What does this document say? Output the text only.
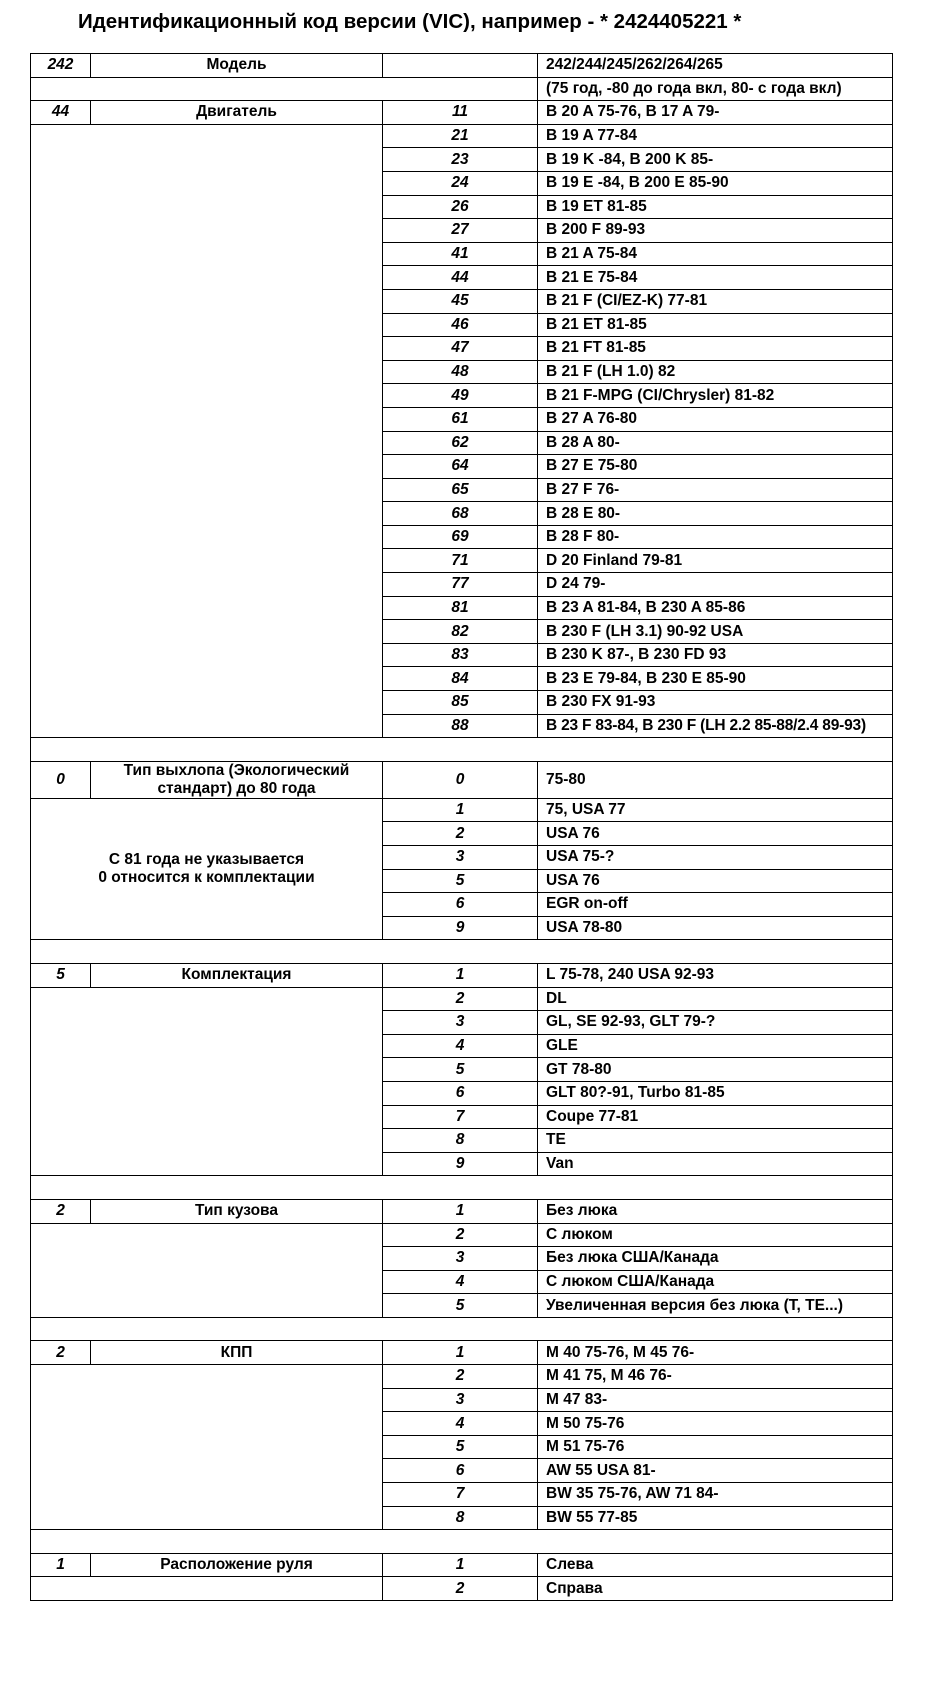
Идентификационный код версии (VIC), например - * 2424405221 *
242	Модель		242/244/245/262/264/265
			(75 год, -80 до года вкл, 80- с года вкл)
44	Двигатель	11	B 20 A 75-76, B 17 A 79-
		21	B 19 A 77-84
		23	B 19 K -84, B 200 K 85-
		24	B 19 E -84, B 200 E 85-90
		26	B 19 ET 81-85
		27	B 200 F 89-93
		41	B 21 A 75-84
		44	B 21 E 75-84
		45	B 21 F (CI/EZ-K) 77-81
		46	B 21 ET 81-85
		47	B 21 FT 81-85
		48	B 21 F (LH 1.0) 82
		49	B 21 F-MPG (CI/Chrysler) 81-82
		61	B 27 A 76-80
		62	B 28 A 80-
		64	B 27 E 75-80
		65	B 27 F 76-
		68	B 28 E 80-
		69	B 28 F 80-
		71	D 20 Finland 79-81
		77	D 24 79-
		81	B 23 A 81-84, B 230 A 85-86
		82	B 230 F (LH 3.1) 90-92 USA
		83	B 230 K 87-, B 230 FD 93
		84	B 23 E 79-84, B 230 E 85-90
		85	B 230 FX 91-93
		88	B 23 F 83-84, B 230 F (LH 2.2 85-88/2.4 89-93)

0	Тип выхлопа (Экологический стандарт) до 80 года	0	75-80

С 81 года не указывается
0 относится к комплектации		1	75, USA 77
		2	USA 76
		3	USA 75-?
		5	USA 76
		6	EGR on-off
		9	USA 78-80

5	Комплектация	1	L 75-78, 240 USA 92-93
		2	DL
		3	GL, SE 92-93, GLT 79-?
		4	GLE
		5	GT 78-80
		6	GLT 80?-91, Turbo 81-85
		7	Coupe 77-81
		8	TE
		9	Van

2	Тип кузова	1	Без люка
		2	С люком
		3	Без люка США/Канада
		4	С люком США/Канада
		5	Увеличенная версия без люка (T, TE...)

2	КПП	1	M 40 75-76, M 45 76-
		2	M 41 75, M 46 76-
		3	M 47 83-
		4	M 50 75-76
		5	M 51 75-76
		6	AW 55 USA 81-
		7	BW 35 75-76, AW 71 84-
		8	BW 55 77-85

1	Расположение руля	1	Слева
		2	Справа
